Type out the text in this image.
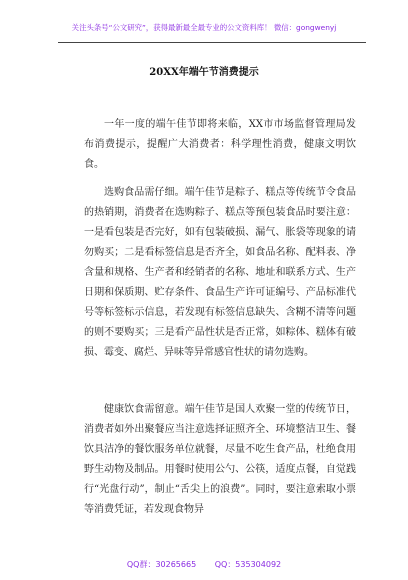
关注头条号“公文研究”，获得最新最全最专业的公文资料库！ 微信：gongwenyj
20XX年端午节消费提示

一年一度的端午佳节即将来临，XX市市场监督管理局发布消费提示，提醒广大消费者：科学理性消费，健康文明饮食。

选购食品需仔细。端午佳节是粽子、糕点等传统节令食品的热销期，消费者在选购粽子、糕点等预包装食品时要注意：一是看包装是否完好，如有包装破损、漏气、胀袋等现象的请勿购买；二是看标签信息是否齐全，如食品名称、配料表、净含量和规格、生产者和经销者的名称、地址和联系方式、生产日期和保质期、贮存条件、食品生产许可证编号、产品标准代号等标签标示信息，若发现有标签信息缺失、含糊不清等问题的则不要购买；三是看产品性状是否正常，如粽体、糕体有破损、霉变、腐烂、异味等异常感官性状的请勿选购。

健康饮食需留意。端午佳节是国人欢聚一堂的传统节日，消费者如外出聚餐应当注意选择证照齐全、环境整洁卫生、餐饮具洁净的餐饮服务单位就餐，尽量不吃生食产品，杜绝食用野生动物及制品。用餐时使用公勺、公筷，适度点餐，自觉践行“光盘行动”，制止“舌尖上的浪费”。同时，要注意索取小票等消费凭证，若发现食物异

QQ群：30265665 QQ：535304092
